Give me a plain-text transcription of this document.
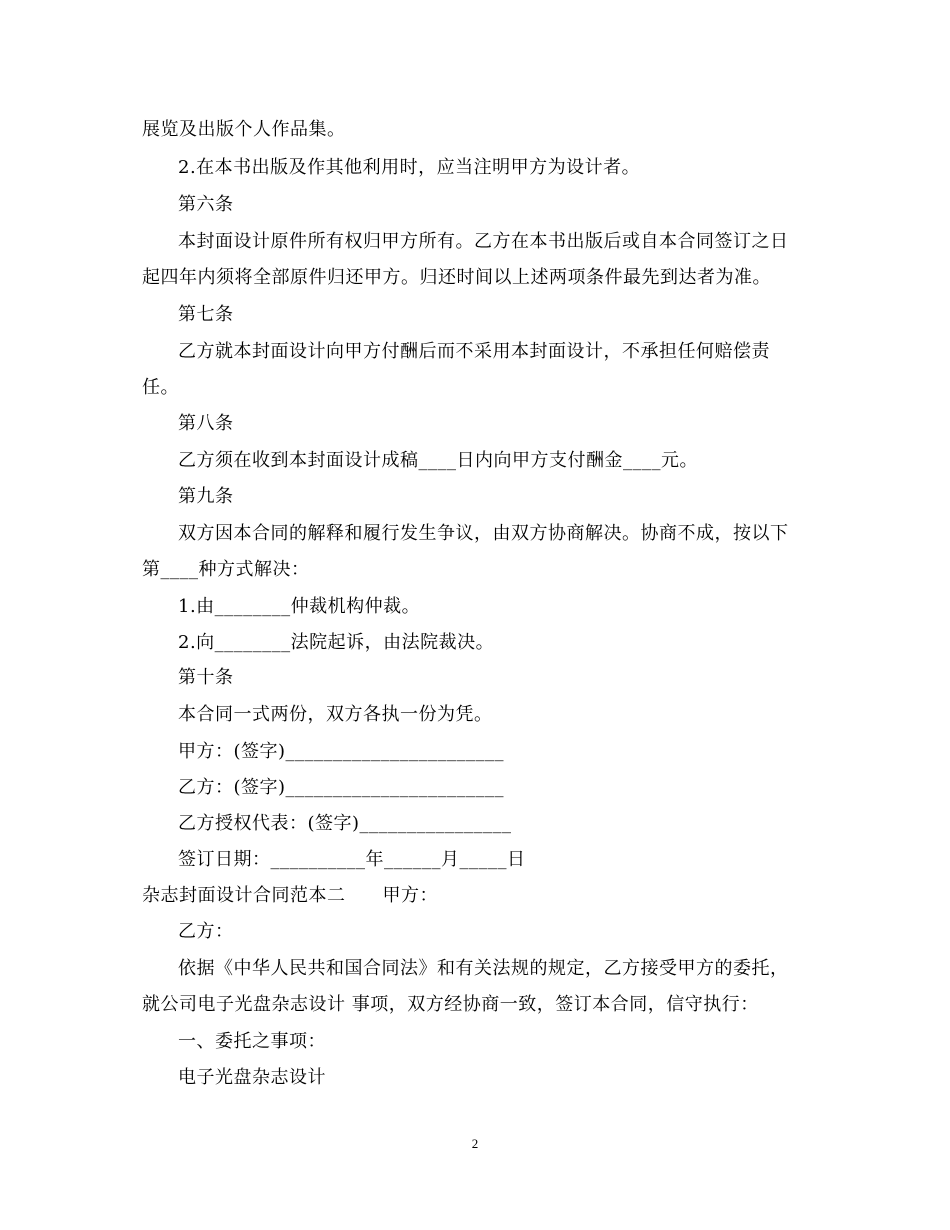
展览及出版个人作品集。
2.在本书出版及作其他利用时，应当注明甲方为设计者。
第六条
本封面设计原件所有权归甲方所有。乙方在本书出版后或自本合同签订之日
起四年内须将全部原件归还甲方。归还时间以上述两项条件最先到达者为准。
第七条
乙方就本封面设计向甲方付酬后而不采用本封面设计，不承担任何赔偿责
任。
第八条
乙方须在收到本封面设计成稿____日内向甲方支付酬金____元。
第九条
双方因本合同的解释和履行发生争议，由双方协商解决。协商不成，按以下
第____种方式解决：
1.由________仲裁机构仲裁。
2.向________法院起诉，由法院裁决。
第十条
本合同一式两份，双方各执一份为凭。
甲方：(签字)_______________________
乙方：(签字)_______________________
乙方授权代表：(签字)________________
签订日期：__________年______月_____日
杂志封面设计合同范本二　　甲方：
乙方：
依据《中华人民共和国合同法》和有关法规的规定，乙方接受甲方的委托，
就公司电子光盘杂志设计 事项，双方经协商一致，签订本合同，信守执行：
一、委托之事项：
电子光盘杂志设计
2
